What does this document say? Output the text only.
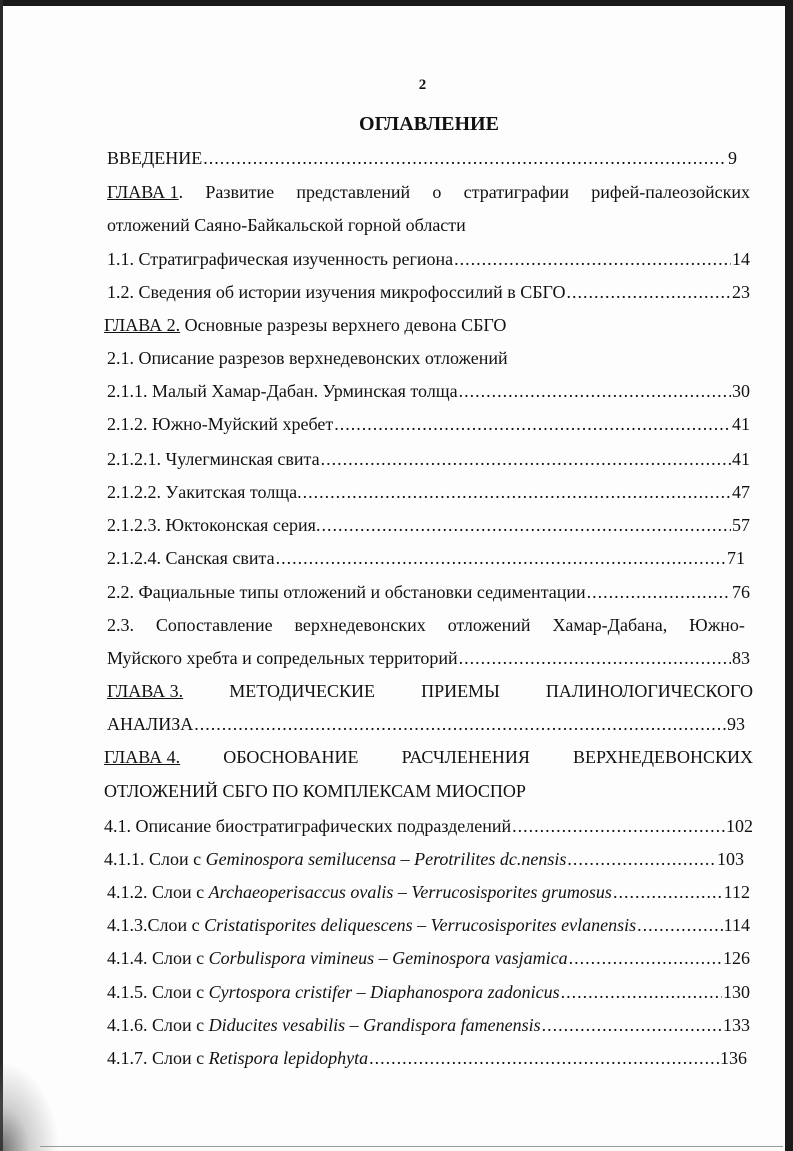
2
ОГЛАВЛЕНИЕ
ВВЕДЕНИЕ .....	9
ГЛАВА 1. Развитие представлений о стратиграфии рифей-палеозойских
отложений Саяно-Байкальской горной области
1.1. Стратиграфическая изученность региона .....	14
1.2. Сведения об истории изучения микрофоссилий в СБГО .....	23
ГЛАВА 2. Основные разрезы верхнего девона СБГО
2.1. Описание разрезов верхнедевонских отложений
2.1.1. Малый Хамар-Дабан. Урминская толща .....	30
2.1.2. Южно-Муйский хребет .....	41
2.1.2.1. Чулегминская свита .....	41
2.1.2.2. Уакитская толща. .....	47
2.1.2.3. Юктоконская серия. .....	57
2.1.2.4. Санская свита .....	71
2.2. Фациальные типы отложений и обстановки седиментации .....	76
2.3. Сопоставление верхнедевонских отложений Хамар-Дабана, Южно-
Муйского хребта и сопредельных территорий .....	83
ГЛАВА 3.	МЕТОДИЧЕСКИЕ	ПРИЕМЫ	ПАЛИНОЛОГИЧЕСКОГО
АНАЛИЗА .....	93
ГЛАВА 4. ОБОСНОВАНИЕ РАСЧЛЕНЕНИЯ ВЕРХНЕДЕВОНСКИХ
ОТЛОЖЕНИЙ СБГО ПО КОМПЛЕКСАМ МИОСПОР
4.1. Описание биостратиграфических подразделений .....	102
4.1.1. Слои с Geminospora semilucensa – Perotrilites dc.nensis .....	103
4.1.2. Слои с Archaeoperisaccus ovalis – Verrucosisporites grumosus .....	112
4.1.3.Слои с Cristatisporites deliquescens – Verrucosisporites evlanensis .....	114
4.1.4. Слои с Corbulispora vimineus – Geminospora vasjamica .....	126
4.1.5. Слои с Cyrtospora cristifer – Diaphanospora zadonicus .....	130
4.1.6. Слои с Diducites vesabilis – Grandispora famenensis .....	133
4.1.7. Слои с Retispora lepidophyta .....	136
